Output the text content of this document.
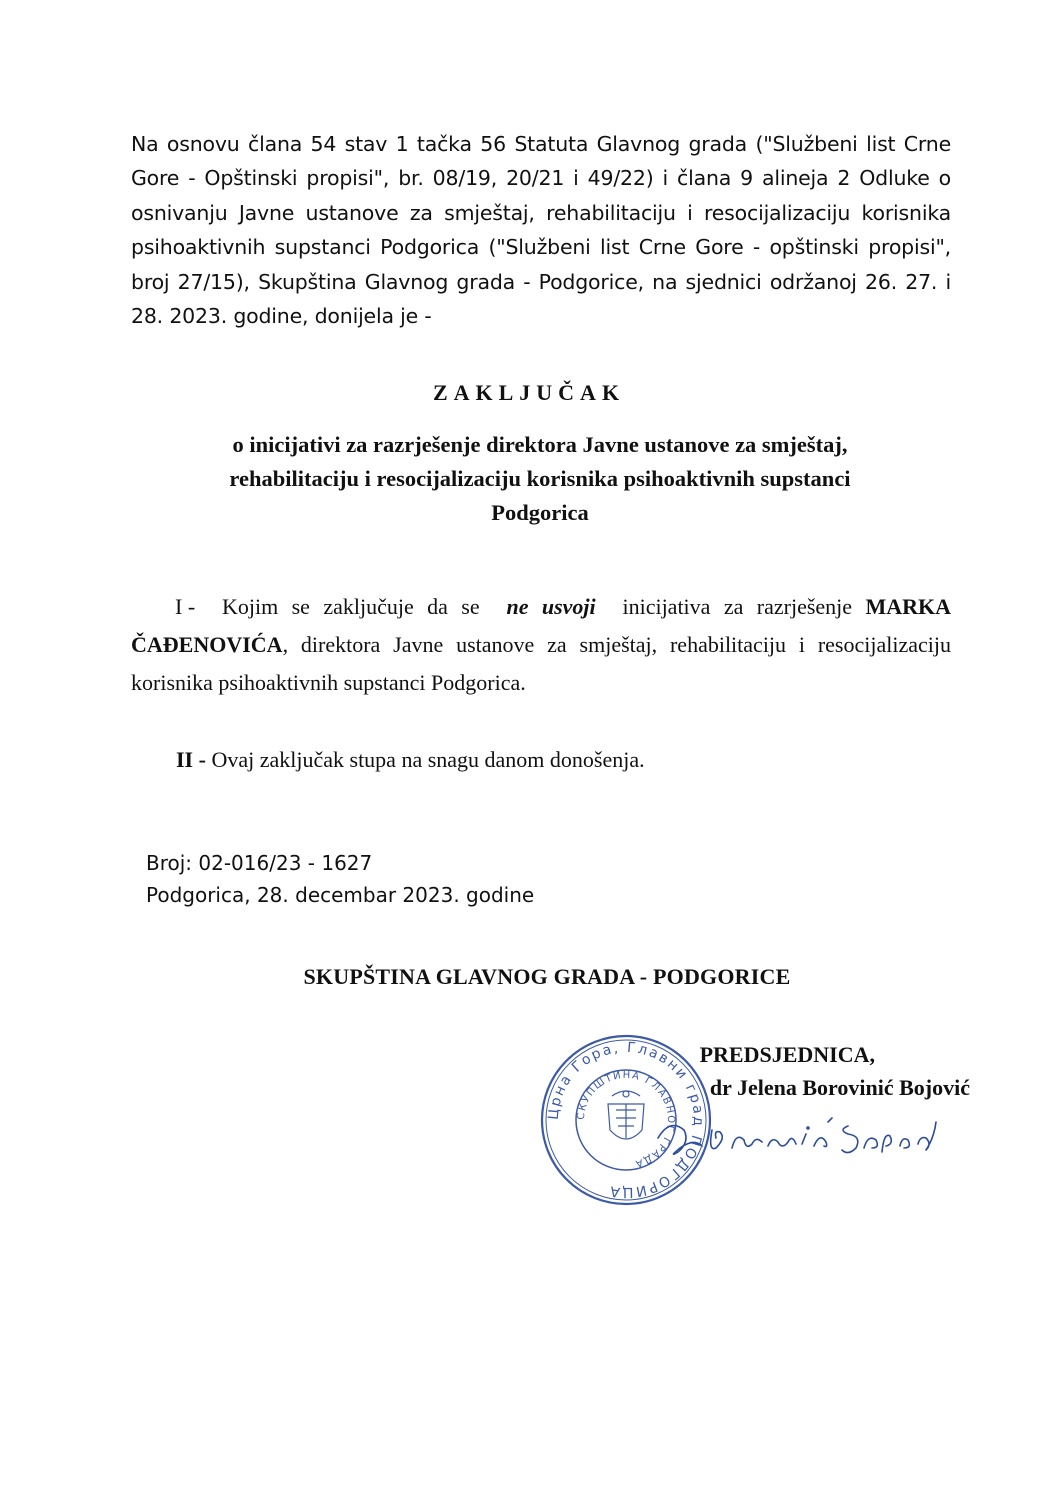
Na osnovu člana 54 stav 1 tačka 56 Statuta Glavnog grada ("Službeni list Crne Gore - Opštinski propisi", br. 08/19, 20/21 i 49/22) i člana 9 alineja 2 Odluke o osnivanju Javne ustanove za smještaj, rehabilitaciju i resocijalizaciju korisnika psihoaktivnih supstanci Podgorica ("Službeni list Crne Gore - opštinski propisi", broj 27/15), Skupština Glavnog grada - Podgorice, na sjednici održanoj 26. 27. i 28. 2023. godine, donijela je -
ZAKLJUČAK
o inicijativi za razrješenje direktora Javne ustanove za smještaj,
rehabilitaciju i resocijalizaciju korisnika psihoaktivnih supstanci
Podgorica
I - Kojim se zaključuje da se ne usvoji inicijativa za razrješenje MARKA ČAĐENOVIĆA, direktora Javne ustanove za smještaj, rehabilitaciju i resocijalizaciju korisnika psihoaktivnih supstanci Podgorica.
II - Ovaj zaključak stupa na snagu danom donošenja.
Broj: 02-016/23 - 1627
Podgorica, 28. decembar 2023. godine
SKUPŠTINA GLAVNOG GRADA - PODGORICE
Црна Гора, Главни град ПОДГОРИЦА
СКУПШТИНА ГЛАВНОГ ГРАДА
PREDSJEDNICA,
dr Jelena Borovinić Bojović
